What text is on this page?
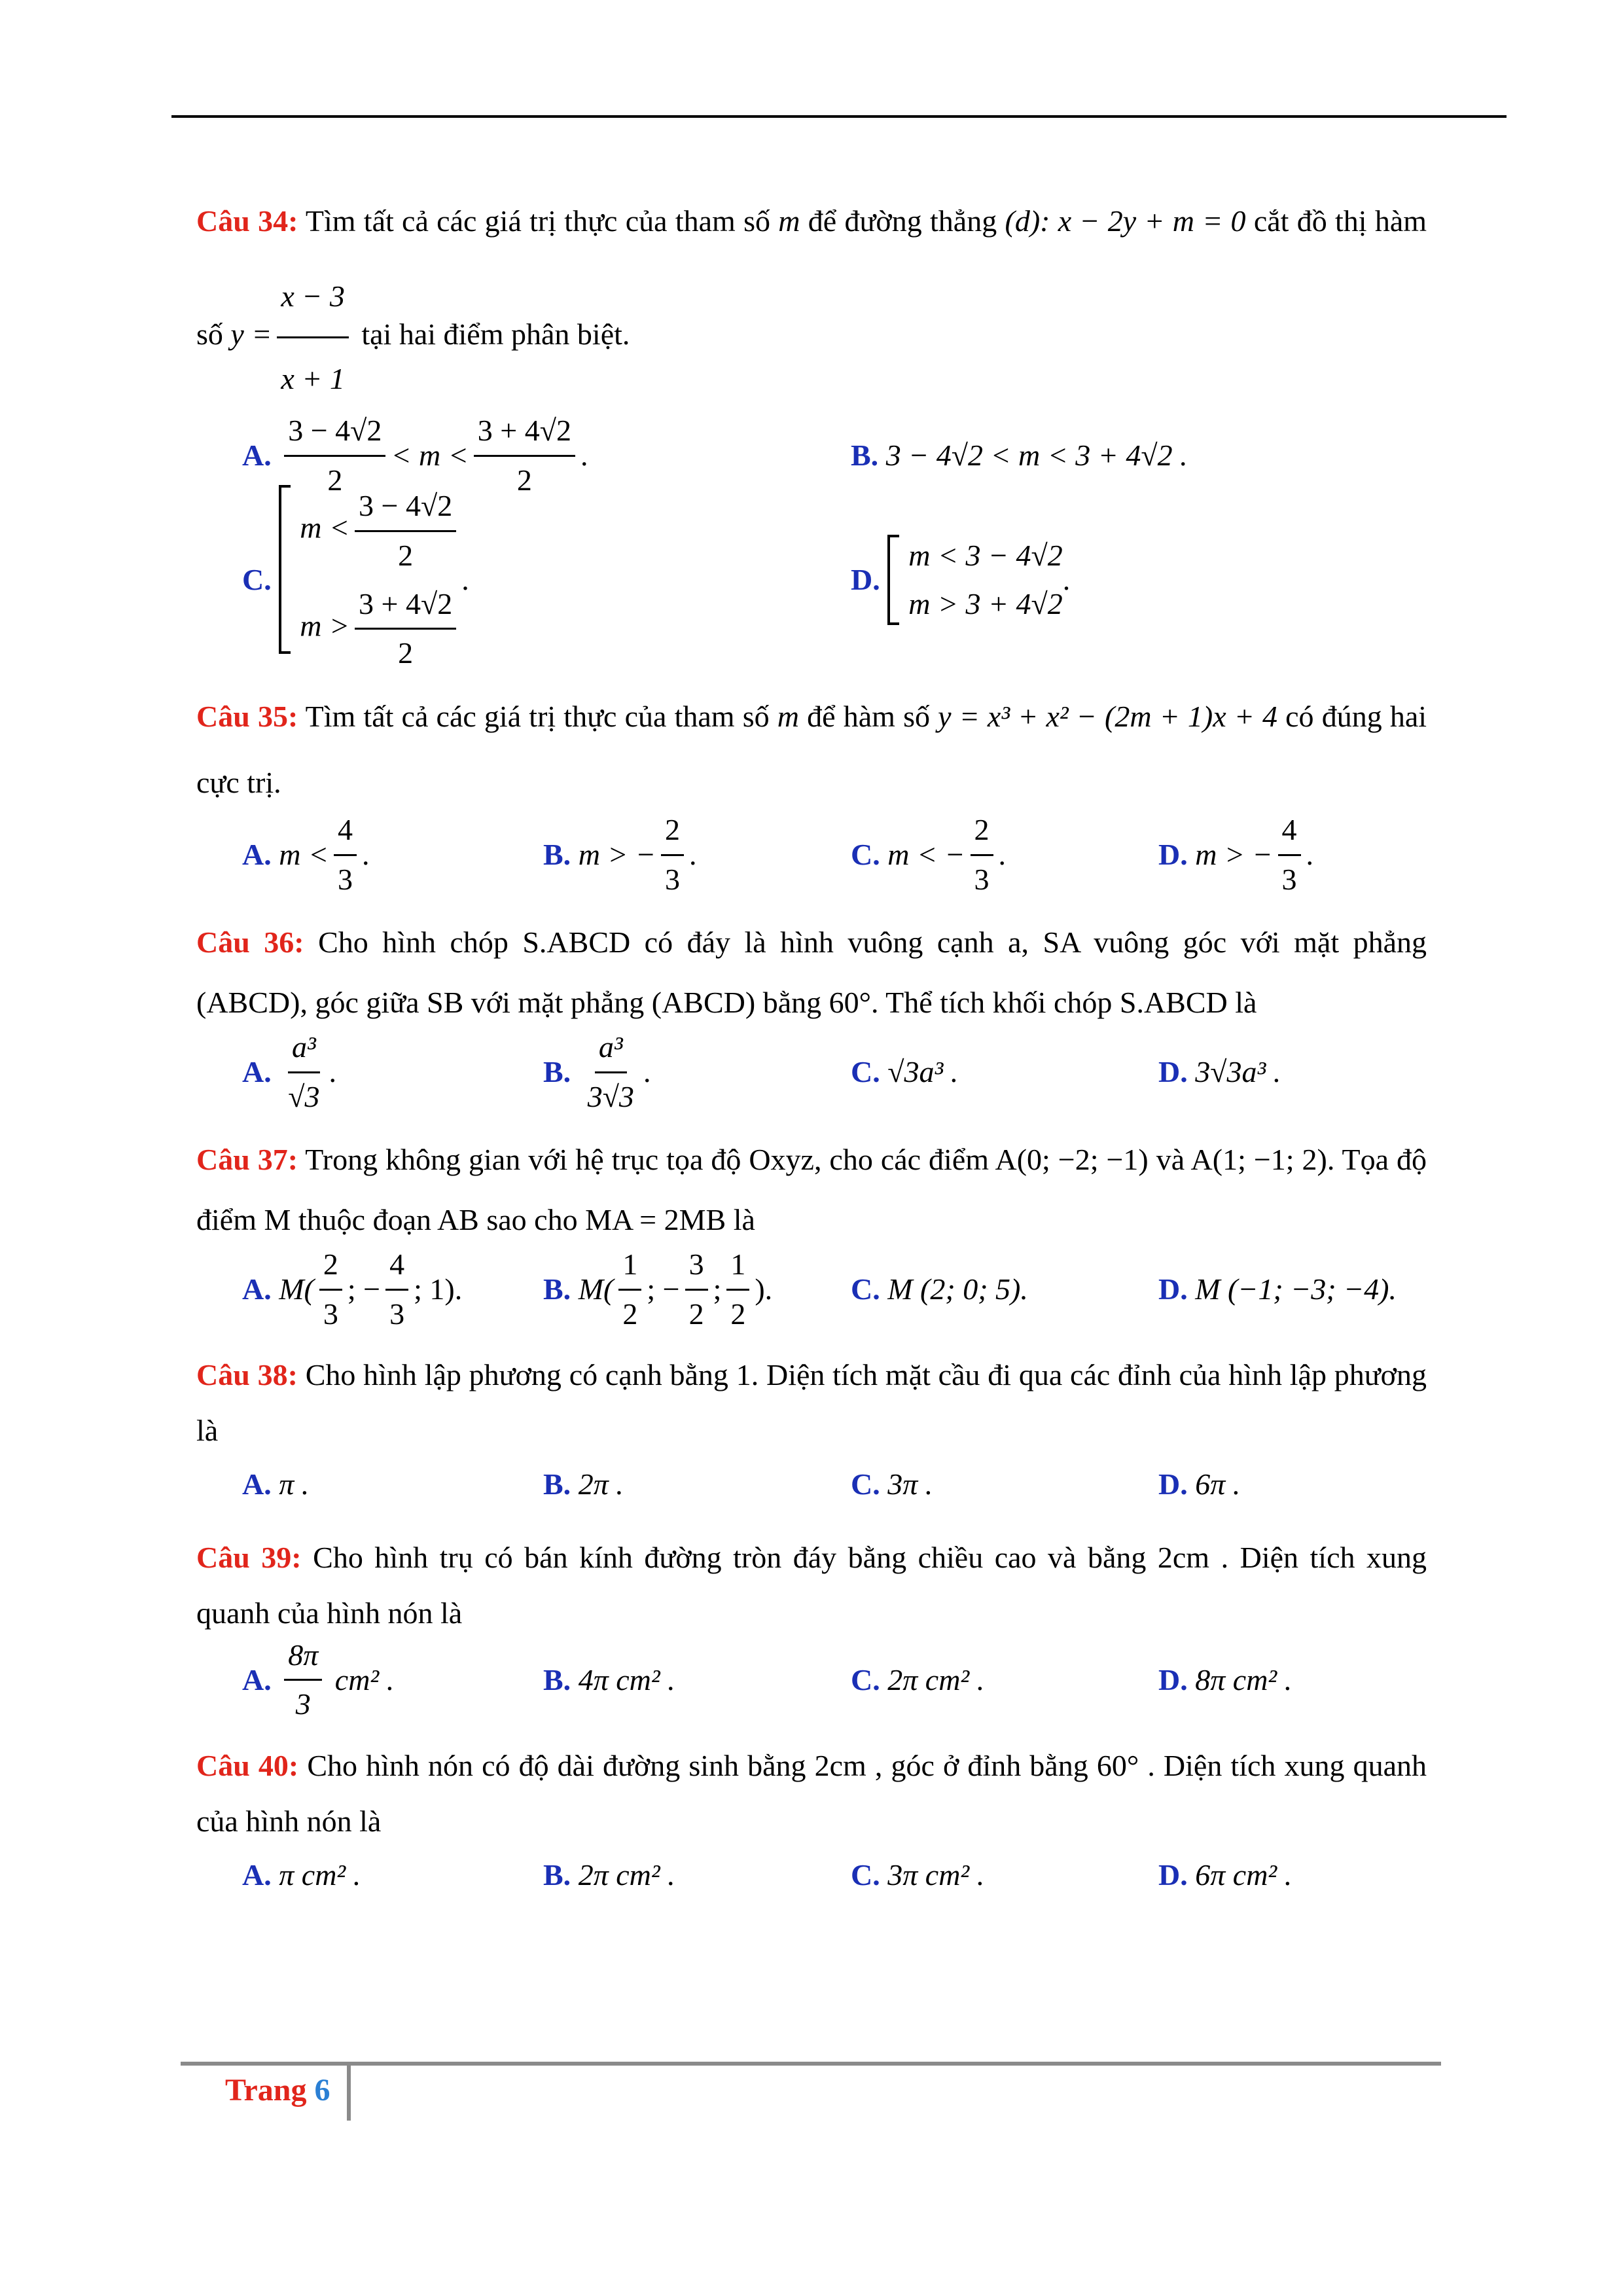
Câu 34: Tìm tất cả các giá trị thực của tham số m để đường thẳng (d): x − 2y + m = 0 cắt đồ thị hàm số $y = \frac{x - 3}{x + 1}$ tại hai điểm phân biệt.
A.
$\frac{3 - 4√2}{2} < m < \frac{3 + 4√2}{2}$ .	B.
3 − 4√2 < m < 3 + 4√2 .
C.

$m < \frac{3 - 4√2}{2}$
$m > \frac{3 + 4√2}{2}$
.	D.

m < 3 − 4√2
m > 3 + 4√2
.
Câu 35: Tìm tất cả các giá trị thực của tham số m để hàm số y = x³ + x² − (2m + 1)x + 4 có đúng hai cực trị.
A.
$m < \frac{4}{3}$ .	B.
m > − $\frac{2}{3}$ .	C.
m < − $\frac{2}{3}$ .	D.
m > − $\frac{4}{3}$ .
Câu 36: Cho hình chóp S.ABCD có đáy là hình vuông cạnh a, SA vuông góc với mặt phẳng (ABCD), góc giữa SB với mặt phẳng (ABCD) bằng 60°. Thể tích khối chóp S.ABCD là
A.
$\frac{\text{a³}}{√3}$ .	B.
$\frac{\text{a³}}{3√3}$ .	C.
√3a³ .	D.
3√3a³ .
Câu 37: Trong không gian với hệ trục tọa độ Oxyz, cho các điểm A(0; −2; −1) và A(1; −1; 2). Tọa độ điểm M thuộc đoạn AB sao cho MA = 2MB là
A.
$M( \frac{2}{3}$ ; − $\frac{4}{3}$ ; 1).	B.
$M( \frac{1}{2}$ ; − $\frac{3}{2}$ ; $\frac{1}{2}$ ).	C.
M (2; 0; 5).	D.
M (−1; −3; −4).
Câu 38: Cho hình lập phương có cạnh bằng 1. Diện tích mặt cầu đi qua các đỉnh của hình lập phương là
A.
π .	B.
2π .	C.
3π .	D.
6π .
Câu 39: Cho hình trụ có bán kính đường tròn đáy bằng chiều cao và bằng 2cm . Diện tích xung quanh của hình nón là
A.
$\frac{8\pi}{3}$
cm² .	B.
4π cm² .	C.
2π cm² .	D.
8π cm² .
Câu 40: Cho hình nón có độ dài đường sinh bằng 2cm , góc ở đỉnh bằng 60° . Diện tích xung quanh của hình nón là
A.
π cm² .	B.
2π cm² .	C.
3π cm² .	D.
6π cm² .
Trang 6
